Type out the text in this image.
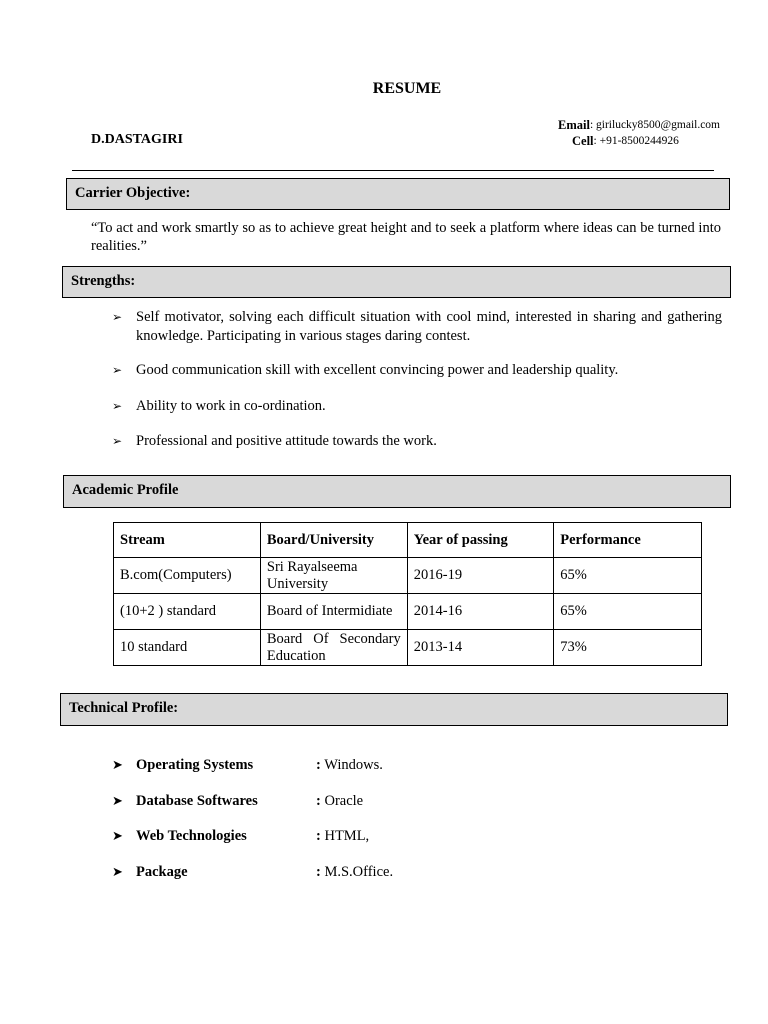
RESUME
D.DASTAGIRI
Email : girilucky8500@gmail.com
Cell : +91-8500244926
Carrier Objective:
“To act and work smartly so as to achieve great height and to seek a platform where ideas can be turned into realities.”
Strengths:
➢ Self motivator, solving each difficult situation with cool mind, interested in sharing and gathering knowledge. Participating in various stages daring contest.
➢ Good communication skill with excellent convincing power and leadership quality.
➢ Ability to work in co-ordination.
➢ Professional and positive attitude towards the work.
Academic Profile
Stream	Board/University	Year of passing	Performance
B.com(Computers)	Sri Rayalseema University	2016-19	65%
(10+2 ) standard	Board of Intermidiate	2014-16	65%
10 standard	Board Of Secondary Education	2013-14	73%
Technical Profile:
➤ Operating Systems	: Windows.
➤ Database Softwares	: Oracle
➤ Web Technologies	: HTML,
➤ Package	: M.S.Office.
